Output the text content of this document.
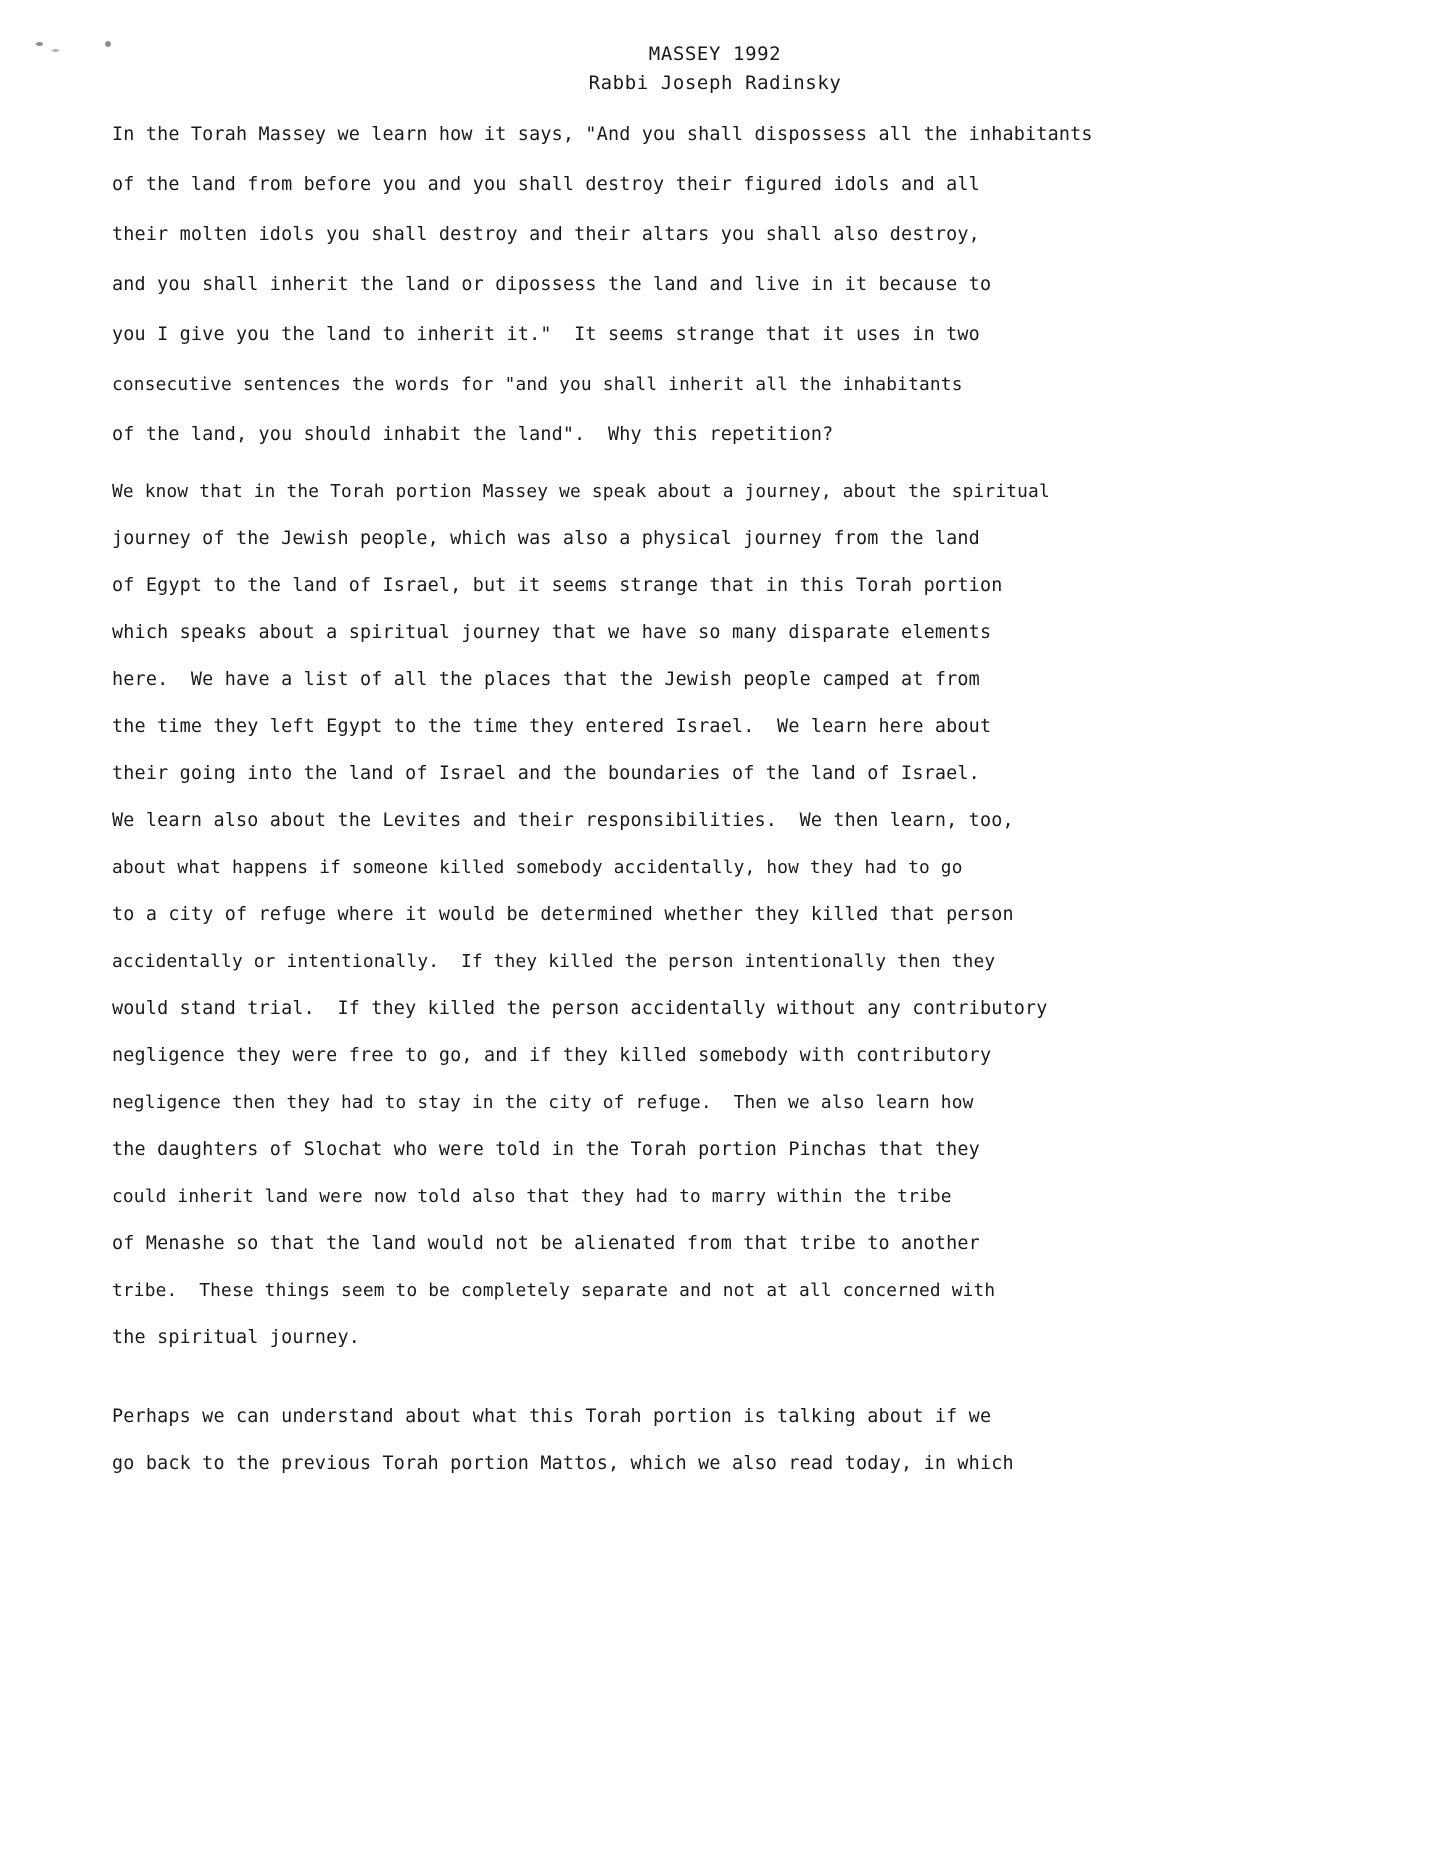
MASSEY 1992
Rabbi Joseph Radinsky
In the Torah Massey we learn how it says, "And you shall dispossess all the inhabitants
of the land from before you and you shall destroy their figured idols and all
their molten idols you shall destroy and their altars you shall also destroy,
and you shall inherit the land or dipossess the land and live in it because to
you I give you the land to inherit it."  It seems strange that it uses in two
consecutive sentences the words for "and you shall inherit all the inhabitants
of the land, you should inhabit the land".  Why this repetition?
We know that in the Torah portion Massey we speak about a journey, about the spiritual
journey of the Jewish people, which was also a physical journey from the land
of Egypt to the land of Israel, but it seems strange that in this Torah portion
which speaks about a spiritual journey that we have so many disparate elements
here.  We have a list of all the places that the Jewish people camped at from
the time they left Egypt to the time they entered Israel.  We learn here about
their going into the land of Israel and the boundaries of the land of Israel.
We learn also about the Levites and their responsibilities.  We then learn, too,
about what happens if someone killed somebody accidentally, how they had to go
to a city of refuge where it would be determined whether they killed that person
accidentally or intentionally.  If they killed the person intentionally then they
would stand trial.  If they killed the person accidentally without any contributory
negligence they were free to go, and if they killed somebody with contributory
negligence then they had to stay in the city of refuge.  Then we also learn how
the daughters of Slochat who were told in the Torah portion Pinchas that they
could inherit land were now told also that they had to marry within the tribe
of Menashe so that the land would not be alienated from that tribe to another
tribe.  These things seem to be completely separate and not at all concerned with
the spiritual journey.
Perhaps we can understand about what this Torah portion is talking about if we
go back to the previous Torah portion Mattos, which we also read today, in which
